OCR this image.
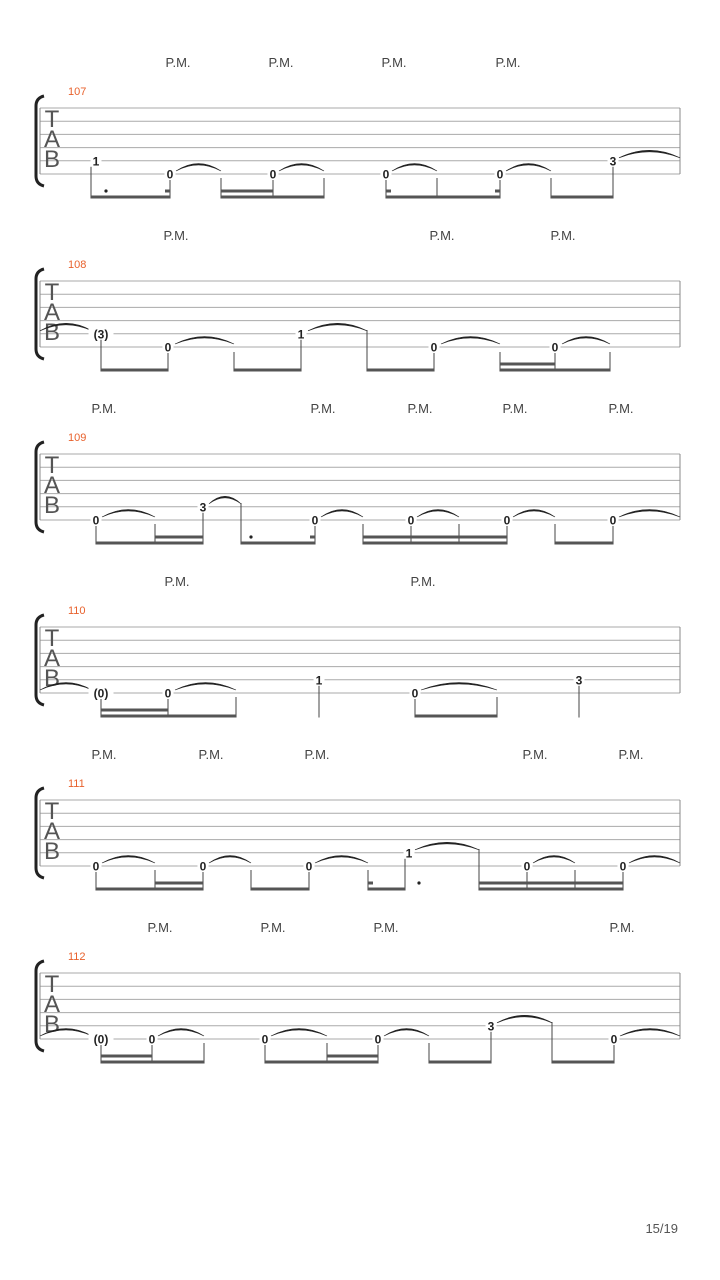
P.M.	P.M.	P.M.	P.M.
107
T
A
B	1
0	0	0	0
3
P.M.	P.M.	P.M.
108
T
A
B	(3)
0
1
0	0
P.M.	P.M.	P.M.	P.M.	P.M.
109
T
A
B
0
3
0	0	0	0
P.M.	P.M.
110
T
A
B
(0)	0
1
0
3
P.M.	P.M.	P.M.	P.M.	P.M.
111
T
A
B
0	0	0
1
0	0
P.M.	P.M.	P.M.	P.M.
112
T
A
B
(0)	0	0	0
3
0
15/19
